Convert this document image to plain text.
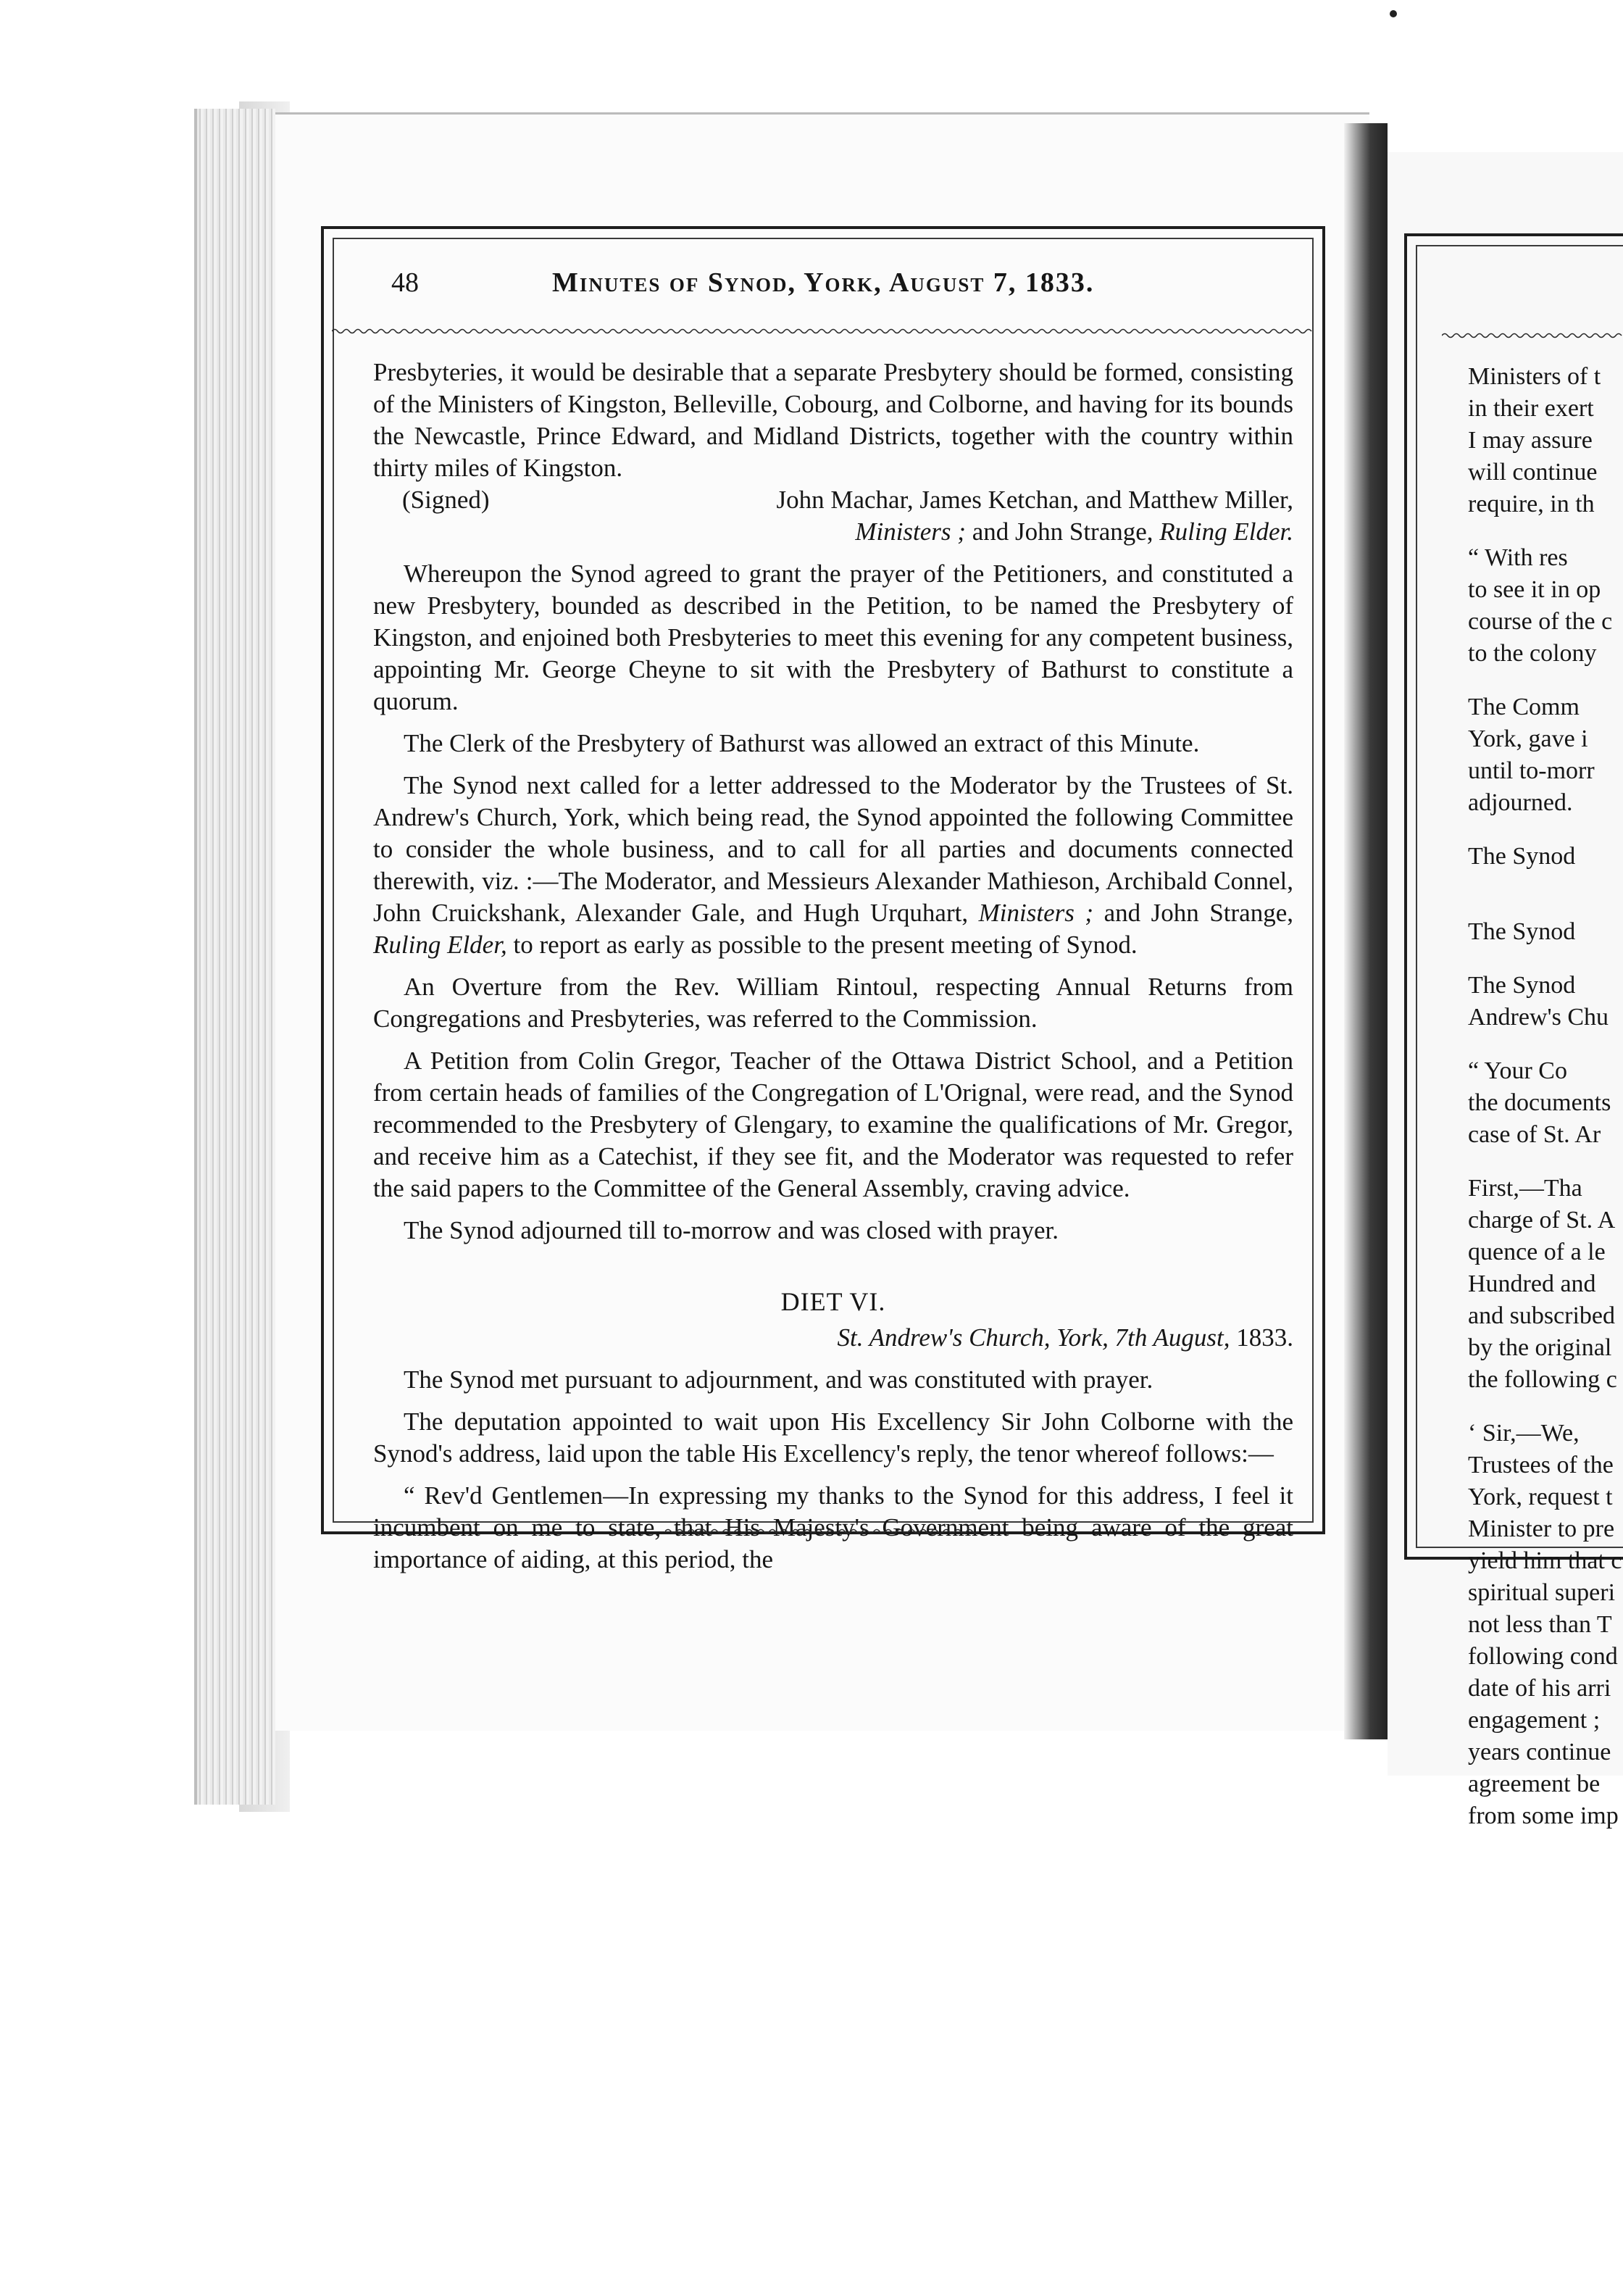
48	Minutes of Synod, York, August 7, 1833.

Presbyteries, it would be desirable that a separate Presbytery should be formed, consisting of the Ministers of Kingston, Belleville, Cobourg, and Colborne, and having for its bounds the Newcastle, Prince Edward, and Midland Districts, together with the country within thirty miles of Kingston.

(Signed)	John Machar, James Ketchan, and Matthew Miller,
Ministers ; and John Strange, Ruling Elder.

Whereupon the Synod agreed to grant the prayer of the Petitioners, and constituted a new Presbytery, bounded as described in the Petition, to be named the Presbytery of Kingston, and enjoined both Presbyteries to meet this evening for any competent business, appointing Mr. George Cheyne to sit with the Presbytery of Bathurst to constitute a quorum.

The Clerk of the Presbytery of Bathurst was allowed an extract of this Minute.

The Synod next called for a letter addressed to the Moderator by the Trustees of St. Andrew's Church, York, which being read, the Synod appointed the following Committee to consider the whole business, and to call for all parties and documents connected therewith, viz. :—The Moderator, and Messieurs Alexander Mathieson, Archibald Connel, John Cruickshank, Alexander Gale, and Hugh Urquhart, Ministers ; and John Strange, Ruling Elder, to report as early as possible to the present meeting of Synod.

An Overture from the Rev. William Rintoul, respecting Annual Returns from Congregations and Presbyteries, was referred to the Commission.

A Petition from Colin Gregor, Teacher of the Ottawa District School, and a Petition from certain heads of families of the Congregation of L'Orignal, were read, and the Synod recommended to the Presbytery of Glengary, to examine the qualifications of Mr. Gregor, and receive him as a Catechist, if they see fit, and the Moderator was requested to refer the said papers to the Committee of the General Assembly, craving advice.

The Synod adjourned till to-morrow and was closed with prayer.

DIET VI.

St. Andrew's Church, York, 7th August, 1833.

The Synod met pursuant to adjournment, and was constituted with prayer.

The deputation appointed to wait upon His Excellency Sir John Colborne with the Synod's address, laid upon the table His Excellency's reply, the tenor whereof follows:—

“ Rev'd Gentlemen—In expressing my thanks to the Synod for this address, I feel it incumbent on me to state, that His Majesty's Government being aware of the great importance of aiding, at this period, the

Ministers of t
in their exert
I may assure
will continue
require, in th
“ With res
to see it in op
course of the c
to the colony
The Comm
York, gave i
until to-morr
adjourned.
The Synod
The Synod
The Synod
Andrew's Chu
“ Your Co
the documents
case of St. Ar
First,—Tha
charge of St. A
quence of a le
Hundred and
and subscribed
by the original
the following c
‘ Sir,—We,
Trustees of the
York, request t
Minister to pre
yield him that c
spiritual superi
not less than T
following cond
date of his arri
engagement ;
years continue
agreement be
from some imp
